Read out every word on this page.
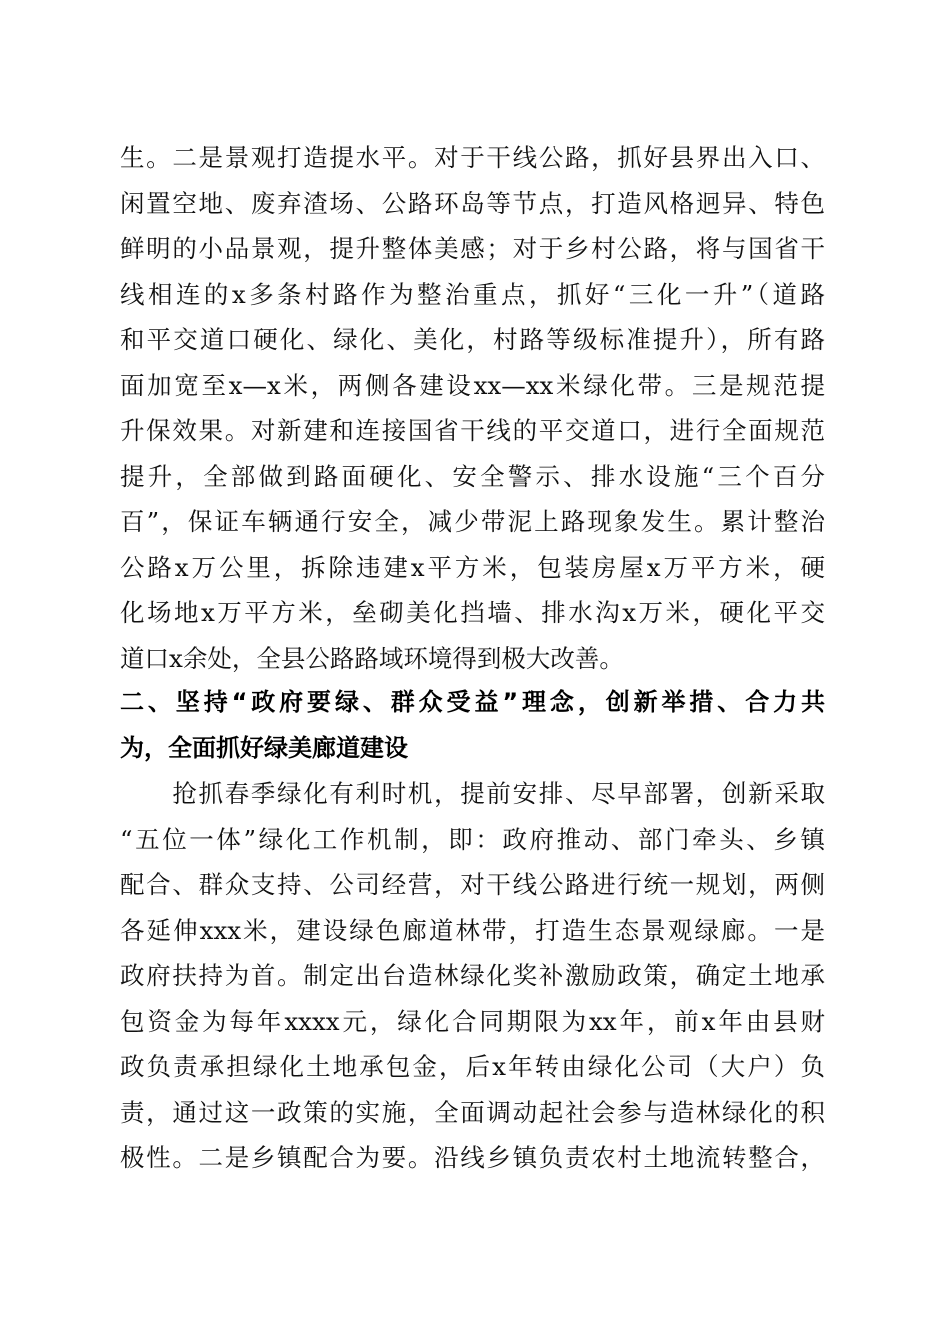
生。二是景观打造提水平。对于干线公路，抓好县界出入口、
闲置空地、废弃渣场、公路环岛等节点，打造风格迥异、特色
鲜明的小品景观，提升整体美感；对于乡村公路，将与国省干
线相连的x多条村路作为整治重点，抓好“三化一升”（道路
和平交道口硬化、绿化、美化，村路等级标准提升），所有路
面加宽至x—x米，两侧各建设xx—xx米绿化带。三是规范提
升保效果。对新建和连接国省干线的平交道口，进行全面规范
提升，全部做到路面硬化、安全警示、排水设施“三个百分
百”，保证车辆通行安全，减少带泥上路现象发生。累计整治
公路x万公里，拆除违建x平方米，包装房屋x万平方米，硬
化场地x万平方米，垒砌美化挡墙、排水沟x万米，硬化平交
道口x余处，全县公路路域环境得到极大改善。
二、坚持“政府要绿、群众受益”理念，创新举措、合力共
为，全面抓好绿美廊道建设
　　抢抓春季绿化有利时机，提前安排、尽早部署，创新采取
“五位一体”绿化工作机制，即：政府推动、部门牵头、乡镇
配合、群众支持、公司经营，对干线公路进行统一规划，两侧
各延伸xxx米，建设绿色廊道林带，打造生态景观绿廊。一是
政府扶持为首。制定出台造林绿化奖补激励政策，确定土地承
包资金为每年xxxx元，绿化合同期限为xx年，前x年由县财
政负责承担绿化土地承包金，后x年转由绿化公司（大户）负
责，通过这一政策的实施，全面调动起社会参与造林绿化的积
极性。二是乡镇配合为要。沿线乡镇负责农村土地流转整合，
